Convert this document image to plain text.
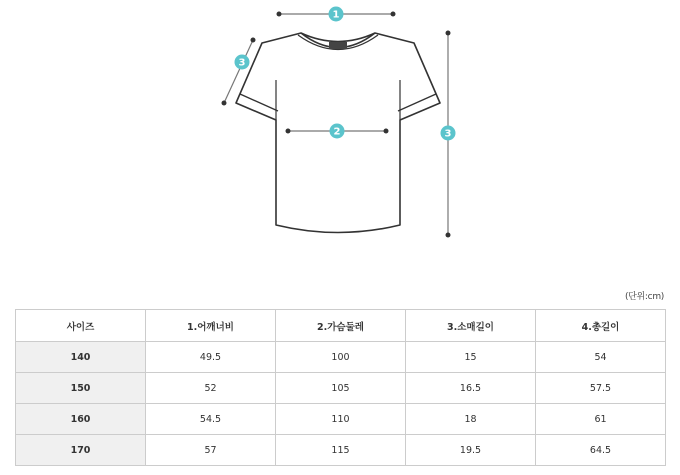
1
2
3
3
(단위:cm)
사이즈	1.어깨너비	2.가슴둘레	3.소매길이	4.총길이
140	49.5	100	15	54
150	52	105	16.5	57.5
160	54.5	110	18	61
170	57	115	19.5	64.5
